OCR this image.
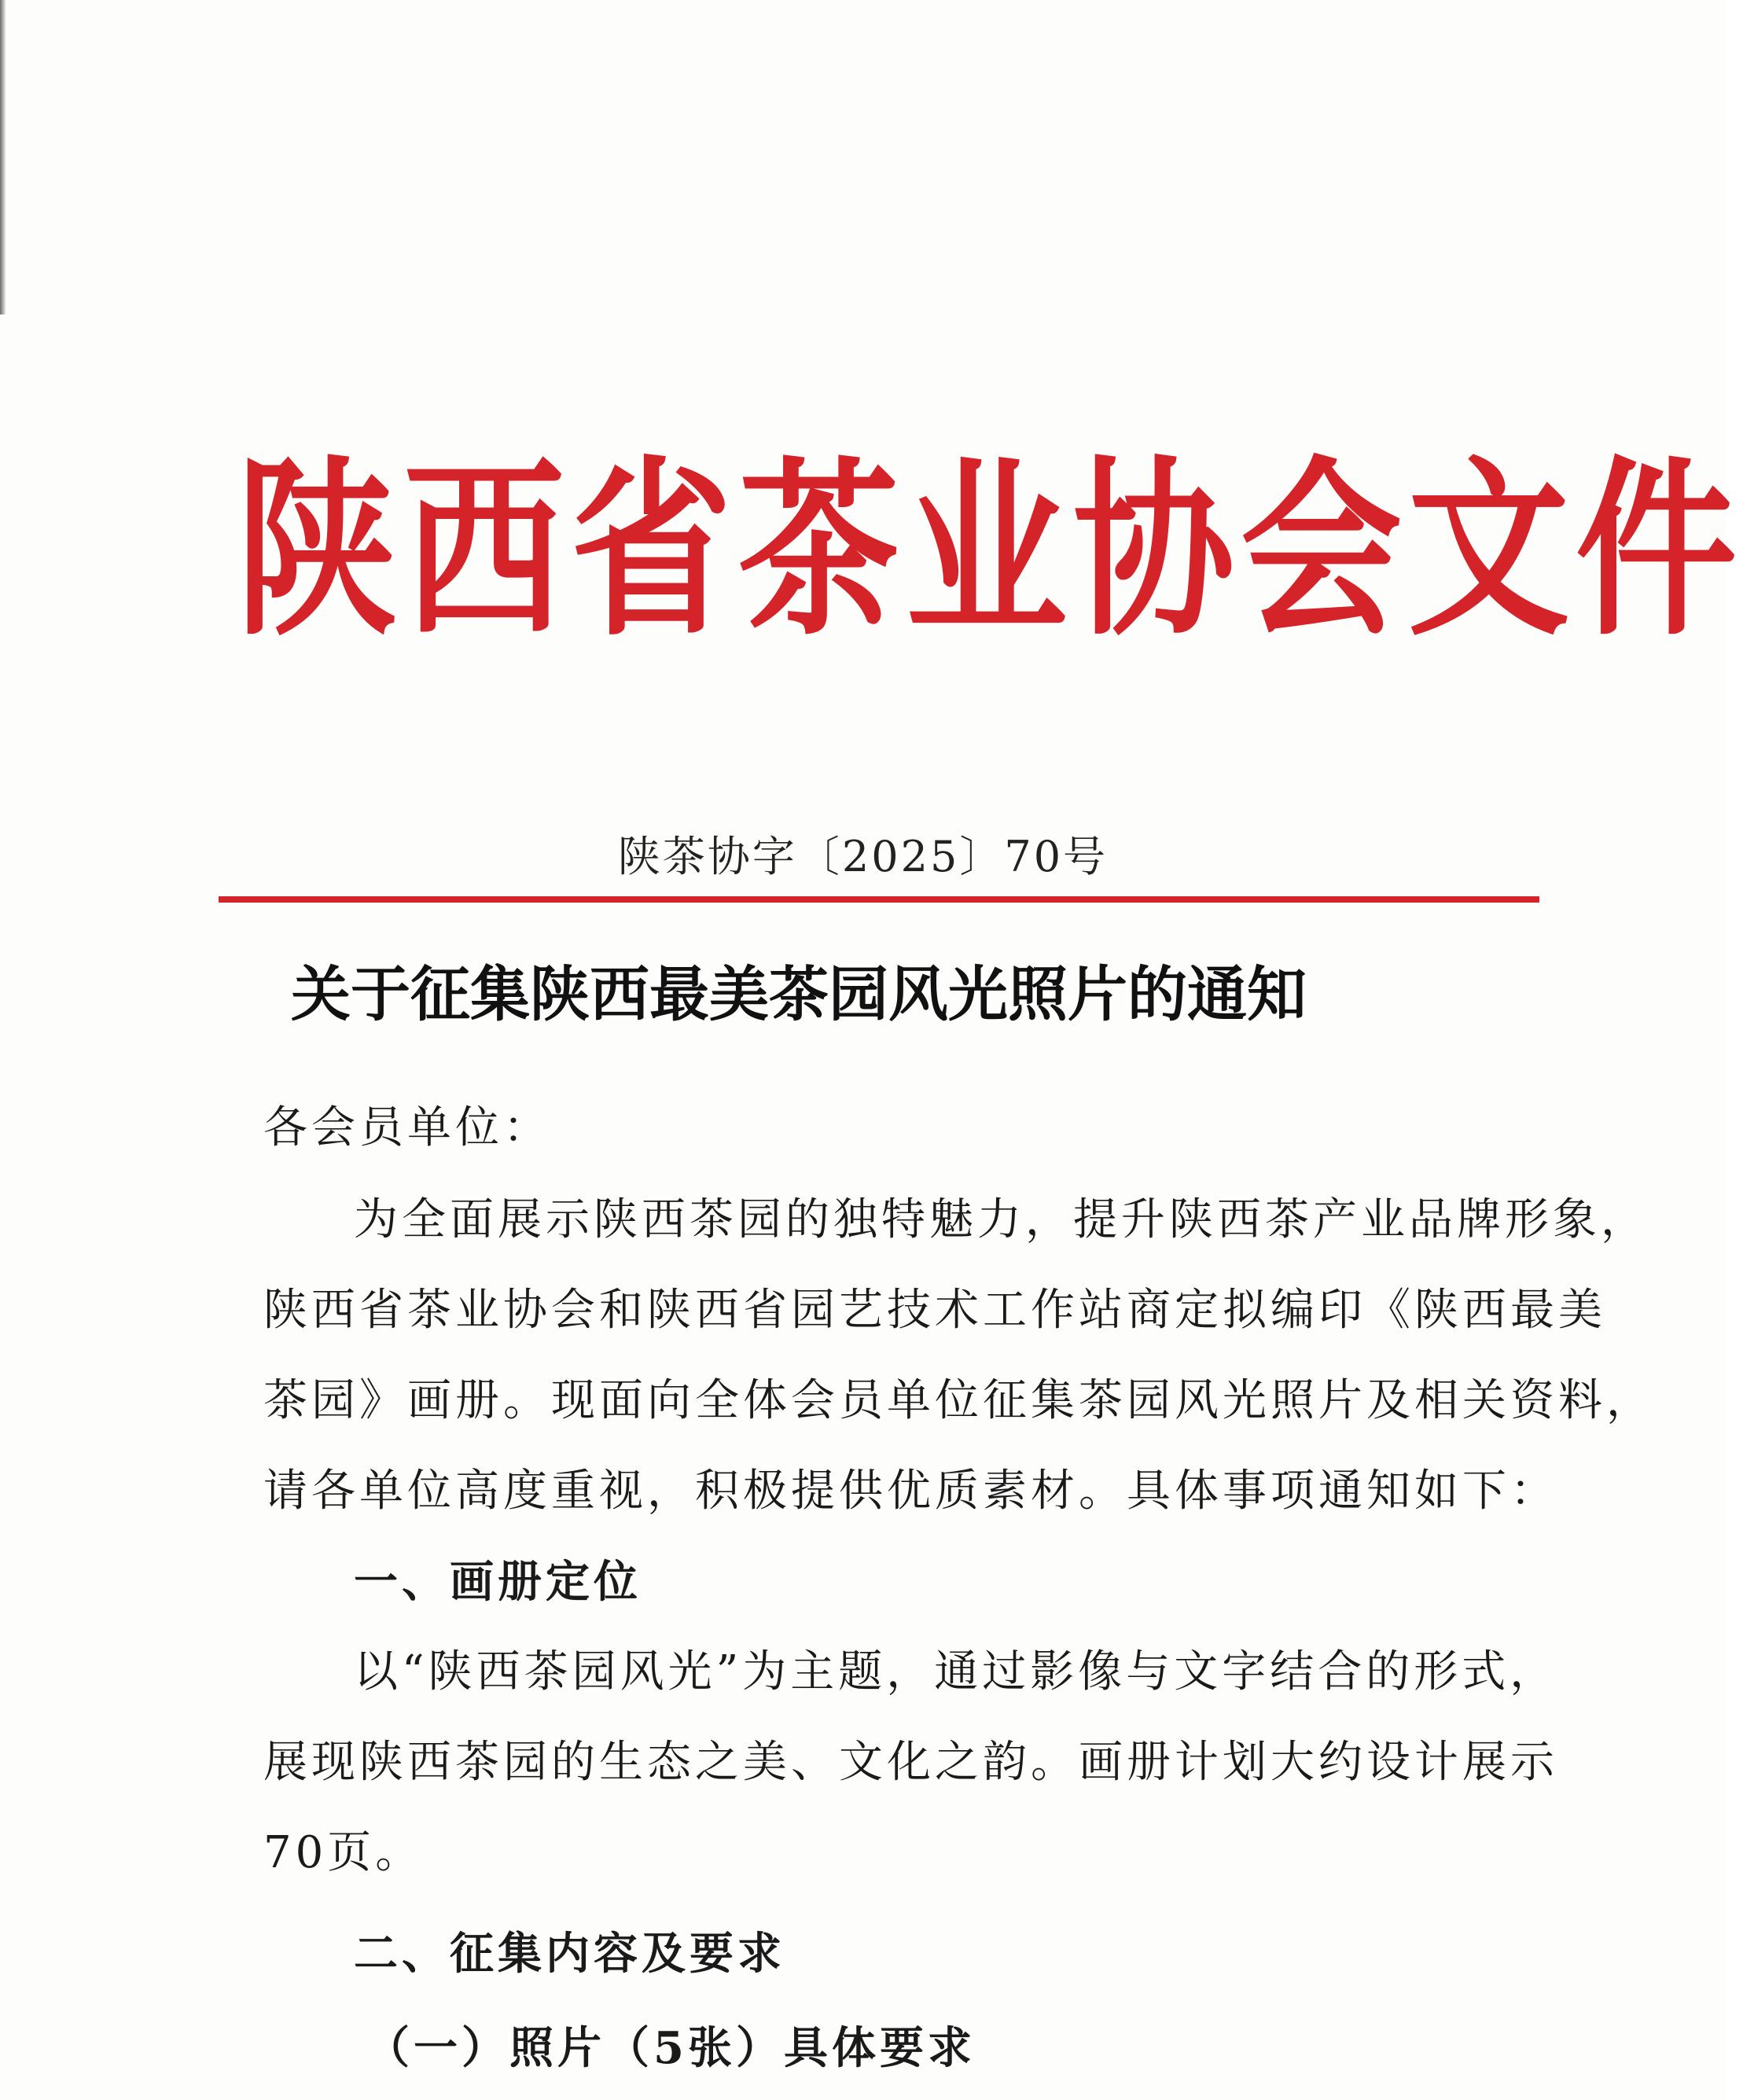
陕 西 省 茶 业 协 会 文 件
陕茶协字〔2025〕70号
关于征集陕西最美茶园风光照片的通知
各会员单位：
为全面展示陕西茶园的独特魅力，提升陕西茶产业品牌形象，
陕西省茶业协会和陕西省园艺技术工作站商定拟编印《陕西最美
茶园》画册。现面向全体会员单位征集茶园风光照片及相关资料，
请各单位高度重视，积极提供优质素材。具体事项通知如下：
一、画册定位
以“陕西茶园风光”为主题，通过影像与文字结合的形式，
展现陕西茶园的生态之美、文化之韵。画册计划大约设计展示
70页。
二、征集内容及要求
（一）照片（5张）具体要求
